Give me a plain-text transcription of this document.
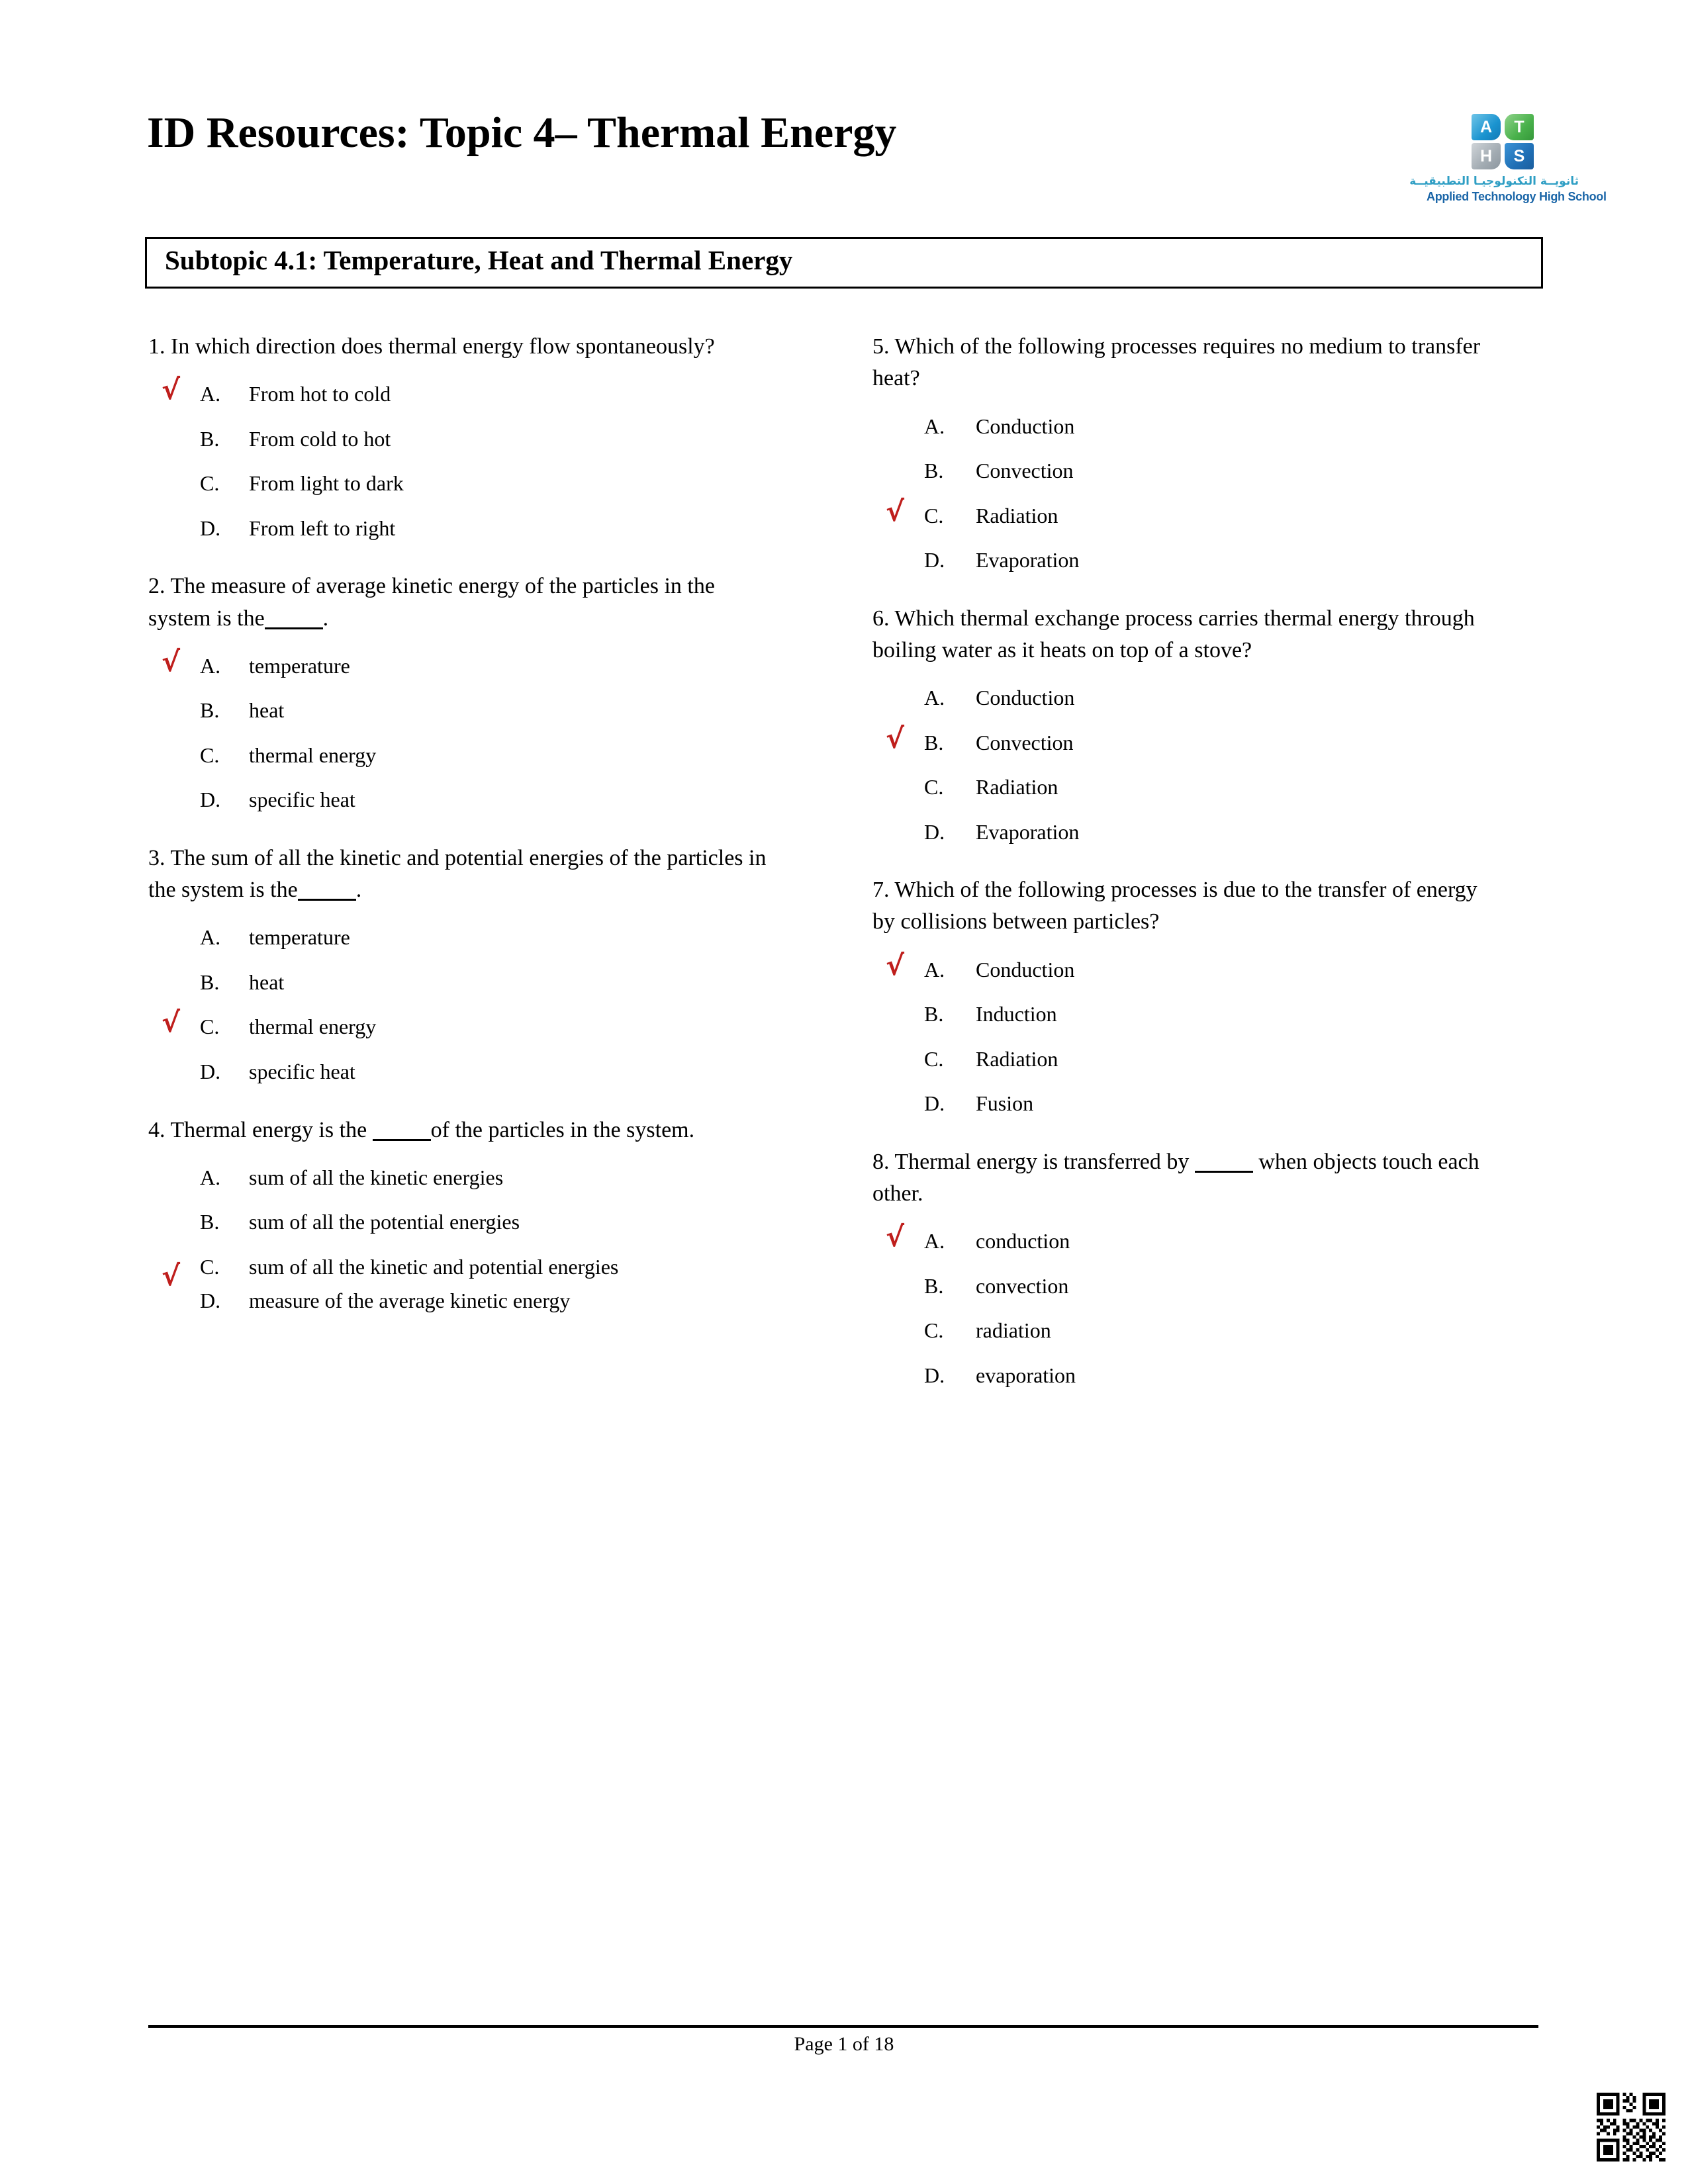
ID Resources: Topic 4– Thermal Energy	A	T
H	S
ثانويــة التكنولوجيـا التطبيقيــة
Applied Technology High School
Subtopic 4.1: Temperature, Heat and Thermal Energy
1. In which direction does thermal energy flow spontaneously?
√ A.	From hot to cold
B.	From cold to hot
C.	From light to dark
D.	From left to right
2. The measure of average kinetic energy of the particles in the system is the	.
√ A.	temperature
B.	heat
C.	thermal energy
D.	specific heat
3. The sum of all the kinetic and potential energies of the particles in the system is the	.
A.	temperature
B.	heat
√ C.	thermal energy
D.	specific heat
4. Thermal energy is the	of the particles in the system.
A.	sum of all the kinetic energies
B.	sum of all the potential energies
√ C.	sum of all the kinetic and potential energies
D.	measure of the average kinetic energy
5. Which of the following processes requires no medium to transfer heat?
A.	Conduction
B.	Convection
√ C.	Radiation
D.	Evaporation
6. Which thermal exchange process carries thermal energy through boiling water as it heats on top of a stove?
A.	Conduction
√ B.	Convection
C.	Radiation
D.	Evaporation
7. Which of the following processes is due to the transfer of energy by collisions between particles?
√ A.	Conduction
B.	Induction
C.	Radiation
D.	Fusion
8. Thermal energy is transferred by	when objects touch each other.
√ A.	conduction
B.	convection
C.	radiation
D.	evaporation
Page 1 of 18
